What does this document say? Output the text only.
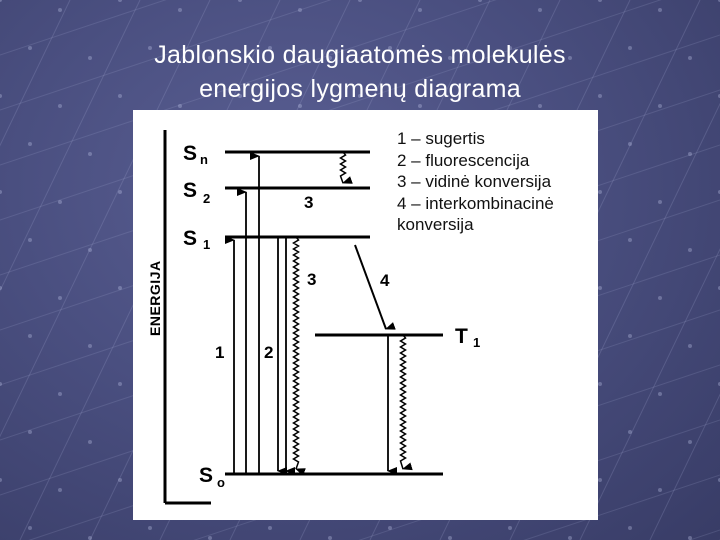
Jablonskio daugiaatomės molekulės
energijos lygmenų diagrama
ENERGIJA
S n
S 2
S 1
T 1
S o
1 2
3
3	4
1 – sugertis
2 – fluorescencija
3 – vidinė konversija
4 – interkombinacinė
konversija
